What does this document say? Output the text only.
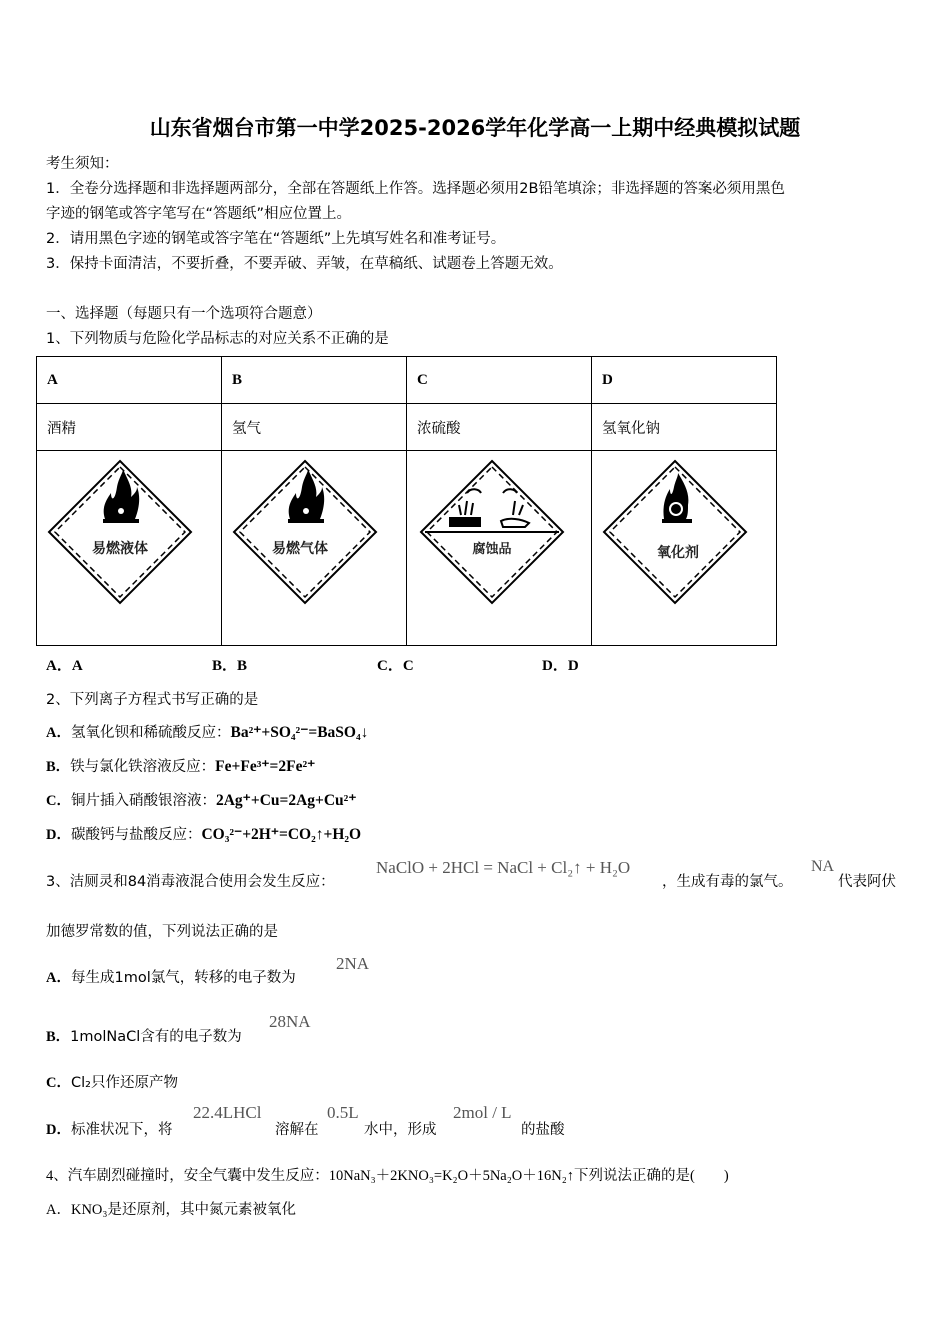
山东省烟台市第一中学2025-2026学年化学高一上期中经典模拟试题
考生须知：
1．全卷分选择题和非选择题两部分，全部在答题纸上作答。选择题必须用2B铅笔填涂；非选择题的答案必须用黑色
字迹的钢笔或答字笔写在“答题纸”相应位置上。
2．请用黑色字迹的钢笔或答字笔在“答题纸”上先填写姓名和准考证号。
3．保持卡面清洁，不要折叠，不要弄破、弄皱，在草稿纸、试题卷上答题无效。
一、选择题（每题只有一个选项符合题意）
1、下列物质与危险化学品标志的对应关系不正确的是
A	B	C	D
酒精	氢气	浓硫酸	氢氧化钠

易燃液体	易燃气体	腐蚀品	氧化剂
A．A	B．B	C．C	D．D
2、下列离子方程式书写正确的是
A．氢氧化钡和稀硫酸反应：Ba²⁺+SO₄²⁻=BaSO₄↓
B．铁与氯化铁溶液反应：Fe+Fe³⁺=2Fe²⁺
C．铜片插入硝酸银溶液：2Ag⁺+Cu=2Ag+Cu²⁺
D．碳酸钙与盐酸反应：CO₃²⁻+2H⁺=CO₂↑+H₂O
3、洁厕灵和84消毒液混合使用会发生反应：
NaClO + 2HCl = NaCl + Cl₂↑ + H₂O
，生成有毒的氯气。
NA
代表阿伏
加德罗常数的值，下列说法正确的是
A．每生成1mol氯气，转移的电子数为
2NA
B．1molNaCl含有的电子数为
28NA
C．Cl₂只作还原产物
D．标准状况下，将
22.4LHCl
溶解在
0.5L
水中，形成
2mol / L
的盐酸
4、汽车剧烈碰撞时，安全气囊中发生反应：10NaN₃＋2KNO₃=K₂O＋5Na₂O＋16N₂↑下列说法正确的是(　　)
A．KNO₃是还原剂，其中氮元素被氧化
